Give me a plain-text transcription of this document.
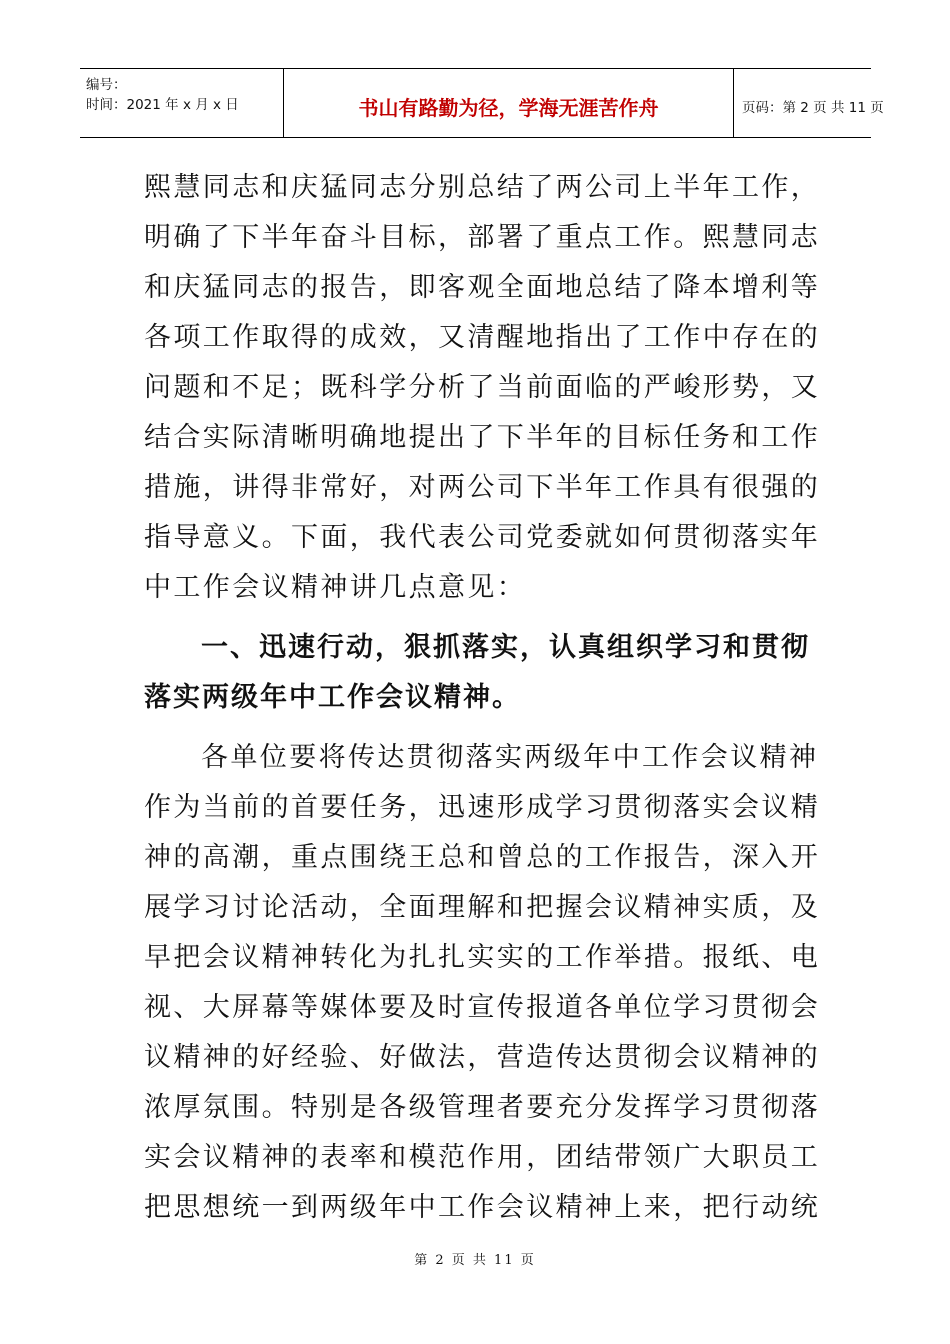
编号：
时间：2021 年 x 月 x 日	书山有路勤为径，学海无涯苦作舟	页码：第 2 页 共 11 页
熙慧同志和庆猛同志分别总结了两公司上半年工作，
明确了下半年奋斗目标，部署了重点工作。熙慧同志
和庆猛同志的报告，即客观全面地总结了降本增利等
各项工作取得的成效，又清醒地指出了工作中存在的
问题和不足；既科学分析了当前面临的严峻形势，又
结合实际清晰明确地提出了下半年的目标任务和工作
措施，讲得非常好，对两公司下半年工作具有很强的
指导意义。下面，我代表公司党委就如何贯彻落实年
中工作会议精神讲几点意见：
一、迅速行动，狠抓落实，认真组织学习和贯彻
落实两级年中工作会议精神。
各单位要将传达贯彻落实两级年中工作会议精神
作为当前的首要任务，迅速形成学习贯彻落实会议精
神的高潮，重点围绕王总和曾总的工作报告，深入开
展学习讨论活动，全面理解和把握会议精神实质，及
早把会议精神转化为扎扎实实的工作举措。报纸、电
视、大屏幕等媒体要及时宣传报道各单位学习贯彻会
议精神的好经验、好做法，营造传达贯彻会议精神的
浓厚氛围。特别是各级管理者要充分发挥学习贯彻落
实会议精神的表率和模范作用，团结带领广大职员工
把思想统一到两级年中工作会议精神上来，把行动统
第 2 页 共 11 页
